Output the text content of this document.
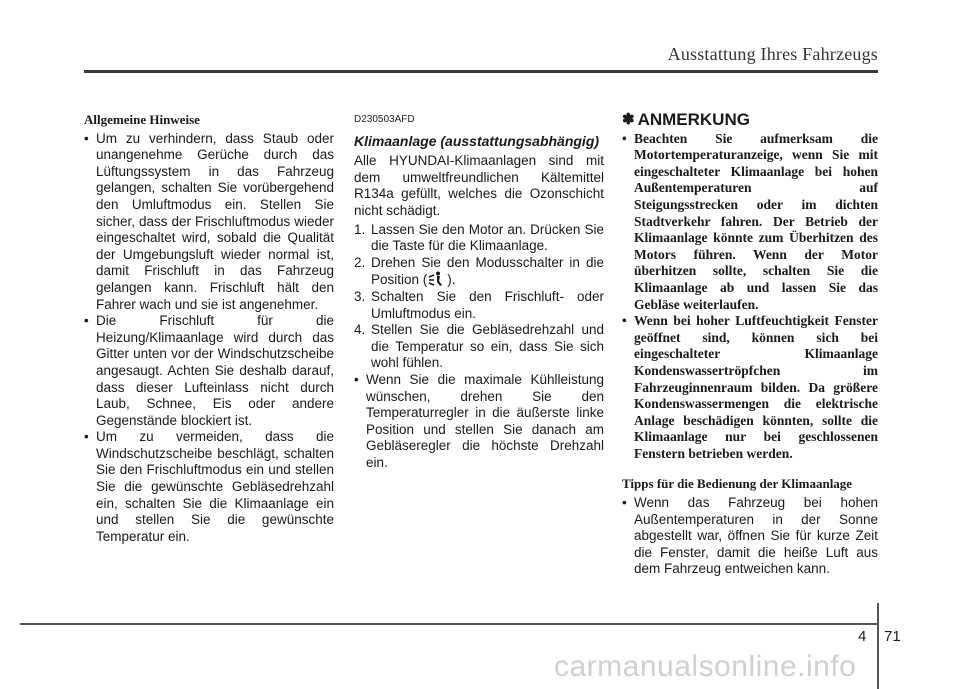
Ausstattung Ihres Fahrzeugs
Allgemeine Hinweise
• Um zu verhindern, dass Staub oder unangenehme Gerüche durch das Lüftungssystem in das Fahrzeug gelangen, schalten Sie vorübergehend den Umluftmodus ein. Stellen Sie sicher, dass der Frischluftmodus wieder eingeschaltet wird, sobald die Qualität der Umgebungsluft wieder normal ist, damit Frischluft in das Fahrzeug gelangen kann. Frischluft hält den Fahrer wach und sie ist angenehmer.
• Die Frischluft für die Heizung/Klimaanlage wird durch das Gitter unten vor der Windschutzscheibe angesaugt. Achten Sie deshalb darauf, dass dieser Lufteinlass nicht durch Laub, Schnee, Eis oder andere Gegenstände blockiert ist.
• Um zu vermeiden, dass die Windschutzscheibe beschlägt, schalten Sie den Frischluftmodus ein und stellen Sie die gewünschte Gebläsedrehzahl ein, schalten Sie die Klimaanlage ein und stellen Sie die gewünschte Temperatur ein.
D230503AFD
Klimaanlage (ausstattungsabhängig)

Alle HYUNDAI-Klimaanlagen sind mit dem umweltfreundlichen Kältemittel R134a gefüllt, welches die Ozonschicht nicht schädigt.

1. Lassen Sie den Motor an. Drücken Sie die Taste für die Klimaanlage.
2. Drehen Sie den Modusschalter in die Position ( ).
3. Schalten Sie den Frischluft- oder Umluftmodus ein.
4. Stellen Sie die Gebläsedrehzahl und die Temperatur so ein, dass Sie sich wohl fühlen.
• Wenn Sie die maximale Kühlleistung wünschen, drehen Sie den Temperaturregler in die äußerste linke Position und stellen Sie danach am Gebläseregler die höchste Drehzahl ein.
✽ ANMERKUNG
• Beachten Sie aufmerksam die Motortemperaturanzeige, wenn Sie mit eingeschalteter Klimaanlage bei hohen Außentemperaturen auf Steigungsstrecken oder im dichten Stadtverkehr fahren. Der Betrieb der Klimaanlage könnte zum Überhitzen des Motors führen. Wenn der Motor überhitzen sollte, schalten Sie die Klimaanlage ab und lassen Sie das Gebläse weiterlaufen.
• Wenn bei hoher Luftfeuchtigkeit Fenster geöffnet sind, können sich bei eingeschalteter Klimaanlage Kondenswassertröpfchen im Fahrzeuginnenraum bilden. Da größere Kondenswassermengen die elektrische Anlage beschädigen könnten, sollte die Klimaanlage nur bei geschlossenen Fenstern betrieben werden.
Tipps für die Bedienung der Klimaanlage
• Wenn das Fahrzeug bei hohen Außentemperaturen in der Sonne abgestellt war, öffnen Sie für kurze Zeit die Fenster, damit die heiße Luft aus dem Fahrzeug entweichen kann.
4 71
carmanualsonline.info
